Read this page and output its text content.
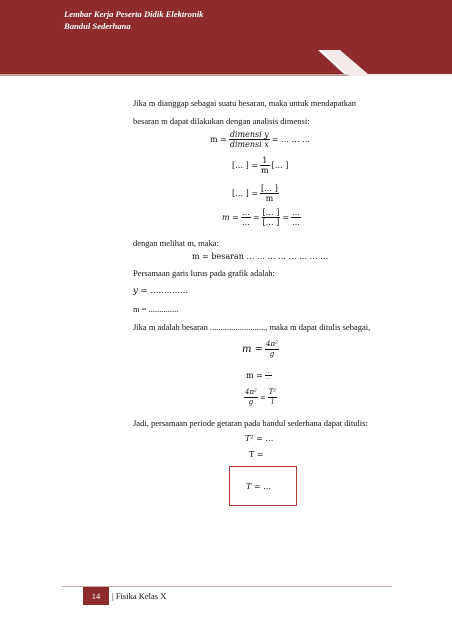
Lembar Kerja Peserta Didik Elektronik
Bandul Sederhana
Jika m dianggap sebagai suatu besaran, maka untuk mendapatkan
besaran m dapat dilakukan dengan analisis dimensi:
$m = \frac{\text{dimensi y}}{\text{dimensi x}}$ = … … …
[… ] = $\frac{1}{m}$ [… ]
[… ] = $\frac{[\dots ]}{m}$
$m = \frac{\dots}{\dots} = \frac{[\dots ]}{[\dots ]} = \frac{\dots}{\dots}$
dengan melihat m, maka:
m = besaran … … … … … … … …
Persamaan garis lurus pada grafik adalah:
y = ..............
m = ..............
Jika m adalah besaran .........................., maka m dapat ditulis sebagai,
$m = \frac{\text{4π²}}{g}$
$m = \frac{\dots}{\dots}$
$\frac{\text{4π²}}{g} = \frac{\text{T²}}{l}$
Jadi, persamaan periode getaran pada bandul sederhana dapat ditulis:
T² = …
T =
T = …
14	| Fisika Kelas X
